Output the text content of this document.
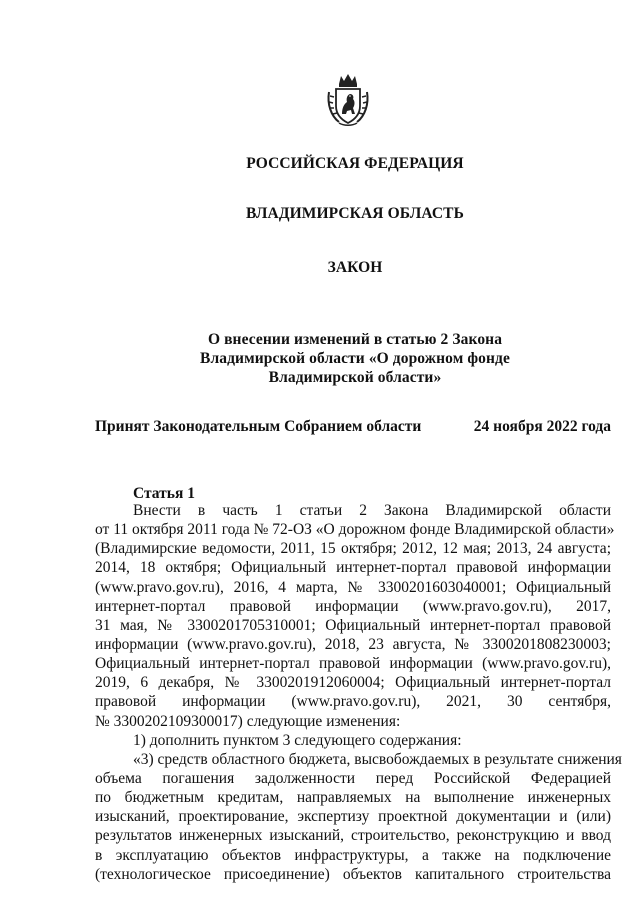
РОССИЙСКАЯ ФЕДЕРАЦИЯ
ВЛАДИМИРСКАЯ ОБЛАСТЬ
ЗАКОН
О внесении изменений в статью 2 Закона
Владимирской области «О дорожном фонде
Владимирской области»
Принят Законодательным Собранием области	24 ноября 2022 года
Статья 1
Внести в часть 1 статьи 2 Закона Владимирской области
от 11 октября 2011 года № 72-ОЗ «О дорожном фонде Владимирской области»
(Владимирские ведомости, 2011, 15 октября; 2012, 12 мая; 2013, 24 августа;
2014, 18 октября; Официальный интернет-портал правовой информации
(www.pravo.gov.ru), 2016, 4 марта, № 3300201603040001; Официальный
интернет-портал правовой информации (www.pravo.gov.ru), 2017,
31 мая, № 3300201705310001; Официальный интернет-портал правовой
информации (www.pravo.gov.ru), 2018, 23 августа, № 3300201808230003;
Официальный интернет-портал правовой информации (www.pravo.gov.ru),
2019, 6 декабря, № 3300201912060004; Официальный интернет-портал
правовой информации (www.pravo.gov.ru), 2021, 30 сентября,
№ 3300202109300017) следующие изменения:
1) дополнить пунктом 3 следующего содержания:
«3) средств областного бюджета, высвобождаемых в результате снижения
объема погашения задолженности перед Российской Федерацией
по бюджетным кредитам, направляемых на выполнение инженерных
изысканий, проектирование, экспертизу проектной документации и (или)
результатов инженерных изысканий, строительство, реконструкцию и ввод
в эксплуатацию объектов инфраструктуры, а также на подключение
(технологическое присоединение) объектов капитального строительства
